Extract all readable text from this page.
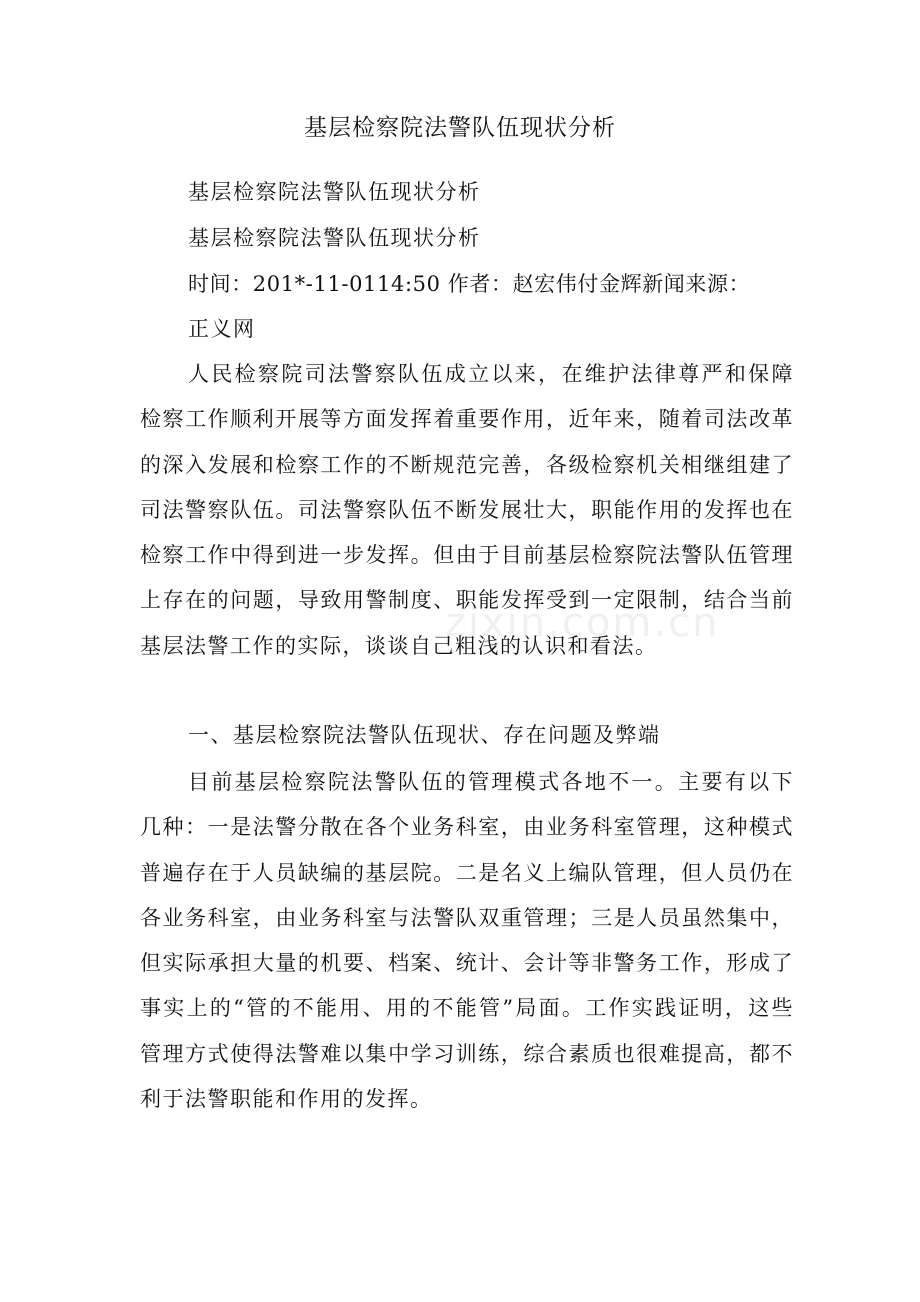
基层检察院法警队伍现状分析
基层检察院法警队伍现状分析
基层检察院法警队伍现状分析
时间：201*-11-0114:50 作者：赵宏伟付金辉新闻来源：
正义网
人民检察院司法警察队伍成立以来，在维护法律尊严和保障检察工作顺利开展等方面发挥着重要作用，近年来，随着司法改革的深入发展和检察工作的不断规范完善，各级检察机关相继组建了司法警察队伍。司法警察队伍不断发展壮大，职能作用的发挥也在检察工作中得到进一步发挥。但由于目前基层检察院法警队伍管理上存在的问题，导致用警制度、职能发挥受到一定限制，结合当前基层法警工作的实际，谈谈自己粗浅的认识和看法。
一、基层检察院法警队伍现状、存在问题及弊端
目前基层检察院法警队伍的管理模式各地不一。主要有以下几种：一是法警分散在各个业务科室，由业务科室管理，这种模式普遍存在于人员缺编的基层院。二是名义上编队管理，但人员仍在各业务科室，由业务科室与法警队双重管理；三是人员虽然集中，但实际承担大量的机要、档案、统计、会计等非警务工作，形成了事实上的“管的不能用、用的不能管”局面。工作实践证明，这些管理方式使得法警难以集中学习训练，综合素质也很难提高，都不利于法警职能和作用的发挥。
zixin.com.cn
